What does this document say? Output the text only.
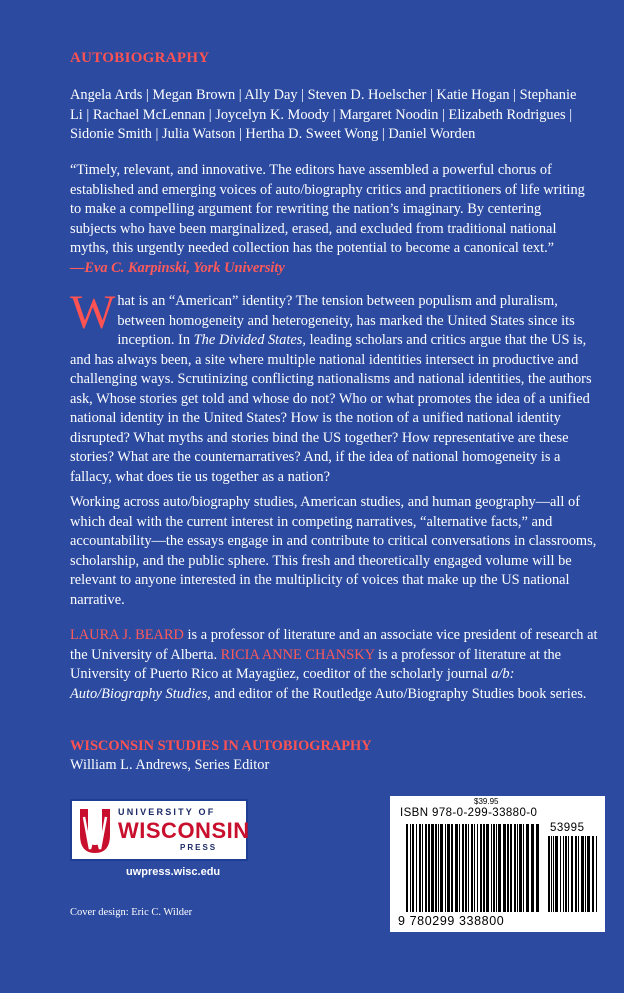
AUTOBIOGRAPHY
Angela Ards | Megan Brown | Ally Day | Steven D. Hoelscher | Katie Hogan | Stephanie Li | Rachael McLennan | Joycelyn K. Moody | Margaret Noodin | Elizabeth Rodrigues | Sidonie Smith | Julia Watson | Hertha D. Sweet Wong | Daniel Worden
“Timely, relevant, and innovative. The editors have assembled a powerful chorus of established and emerging voices of auto/biography critics and practitioners of life writing to make a compelling argument for rewriting the nation’s imaginary. By centering subjects who have been marginalized, erased, and excluded from traditional national myths, this urgently needed collection has the potential to become a canonical text.”
—Eva C. Karpinski, York University
What is an “American” identity? The tension between populism and pluralism, between homogeneity and heterogeneity, has marked the United States since its inception. In The Divided States, leading scholars and critics argue that the US is, and has always been, a site where multiple national identities intersect in productive and challenging ways. Scrutinizing conflicting nationalisms and national identities, the authors ask, Whose stories get told and whose do not? Who or what promotes the idea of a unified national identity in the United States? How is the notion of a unified national identity disrupted? What myths and stories bind the US together? How representative are these stories? What are the counternarratives? And, if the idea of national homogeneity is a fallacy, what does tie us together as a nation?
Working across auto/biography studies, American studies, and human geography—all of which deal with the current interest in competing narratives, “alternative facts,” and accountability—the essays engage in and contribute to critical conversations in classrooms, scholarship, and the public sphere. This fresh and theoretically engaged volume will be relevant to anyone interested in the multiplicity of voices that make up the US national narrative.
LAURA J. BEARD is a professor of literature and an associate vice president of research at the University of Alberta. RICIA ANNE CHANSKY is a professor of literature at the University of Puerto Rico at Mayagüez, coeditor of the scholarly journal a/b: Auto/Biography Studies, and editor of the Routledge Auto/Biography Studies book series.
WISCONSIN STUDIES IN AUTOBIOGRAPHY
William L. Andrews, Series Editor
UNIVERSITY OF
WISCONSIN
PRESS
uwpress.wisc.edu
Cover design: Eric C. Wilder
$39.95
ISBN 978-0-299-33880-0
53995
9 780299 338800
